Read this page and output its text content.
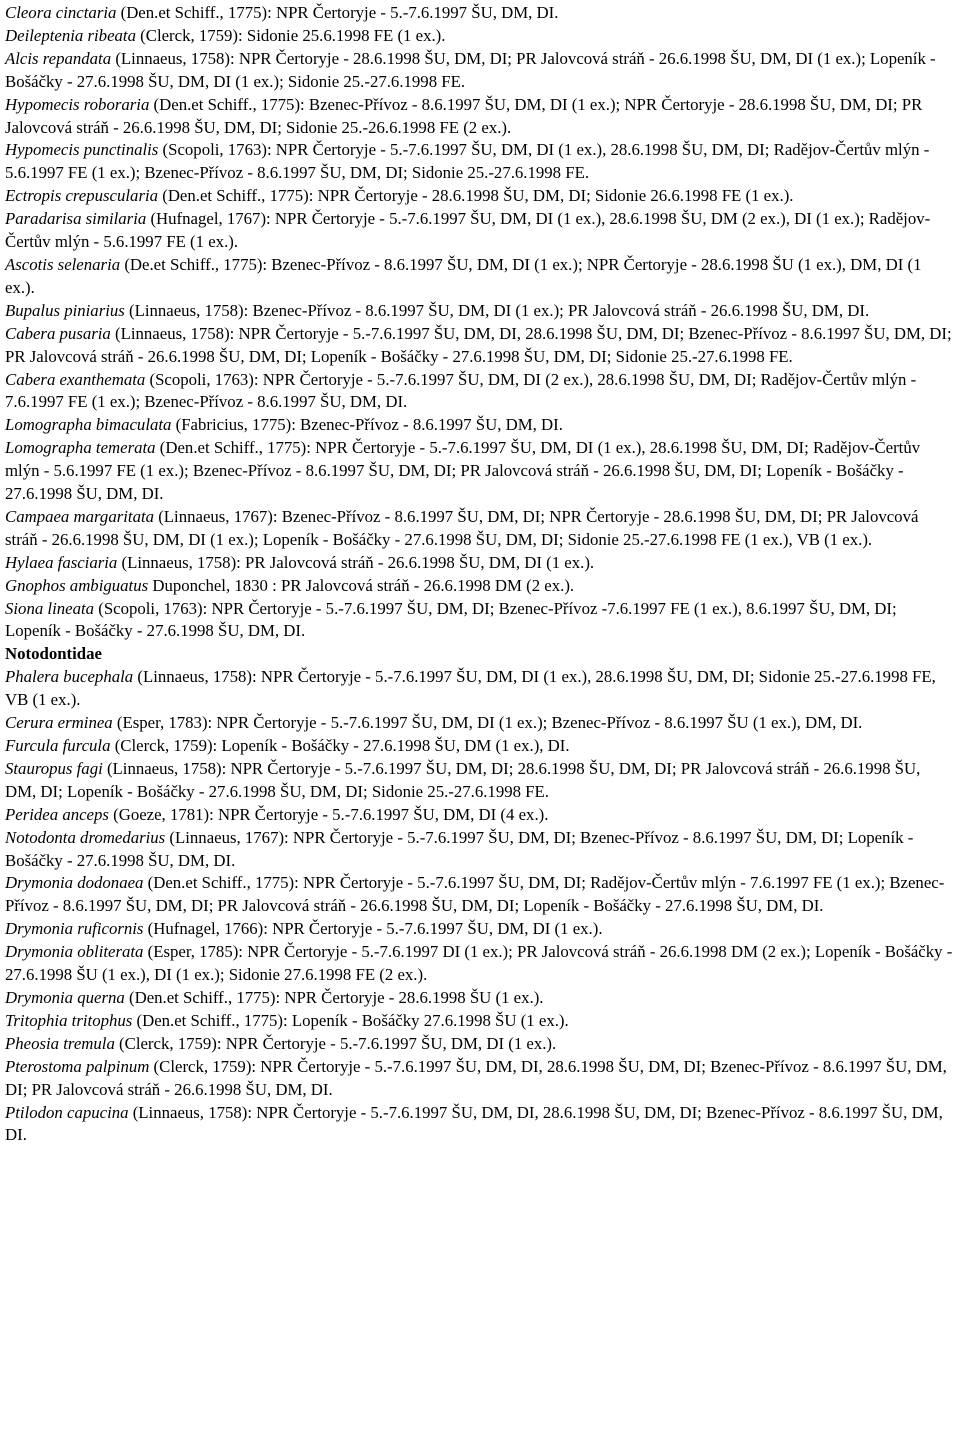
Cleora cinctaria (Den.et Schiff., 1775): NPR Čertoryje - 5.-7.6.1997 ŠU, DM, DI.
Deileptenia ribeata (Clerck, 1759): Sidonie 25.6.1998 FE (1 ex.).
Alcis repandata (Linnaeus, 1758): NPR Čertoryje - 28.6.1998 ŠU, DM, DI; PR Jalovcová stráň - 26.6.1998 ŠU, DM, DI (1 ex.); Lopeník - Bošáčky - 27.6.1998 ŠU, DM, DI (1 ex.); Sidonie 25.-27.6.1998 FE.
Hypomecis roboraria (Den.et Schiff., 1775): Bzenec-Přívoz - 8.6.1997 ŠU, DM, DI (1 ex.); NPR Čertoryje - 28.6.1998 ŠU, DM, DI; PR Jalovcová stráň - 26.6.1998 ŠU, DM, DI; Sidonie 25.-26.6.1998 FE (2 ex.).
Hypomecis punctinalis (Scopoli, 1763): NPR Čertoryje - 5.-7.6.1997 ŠU, DM, DI (1 ex.), 28.6.1998 ŠU, DM, DI; Radějov-Čertův mlýn - 5.6.1997 FE (1 ex.); Bzenec-Přívoz - 8.6.1997 ŠU, DM, DI; Sidonie 25.-27.6.1998 FE.
Ectropis crepuscularia (Den.et Schiff., 1775): NPR Čertoryje - 28.6.1998 ŠU, DM, DI; Sidonie 26.6.1998 FE (1 ex.).
Paradarisa similaria (Hufnagel, 1767): NPR Čertoryje - 5.-7.6.1997 ŠU, DM, DI (1 ex.), 28.6.1998 ŠU, DM (2 ex.), DI (1 ex.); Radějov-Čertův mlýn - 5.6.1997 FE (1 ex.).
Ascotis selenaria (De.et Schiff., 1775): Bzenec-Přívoz - 8.6.1997 ŠU, DM, DI (1 ex.); NPR Čertoryje - 28.6.1998 ŠU (1 ex.), DM, DI (1 ex.).
Bupalus piniarius (Linnaeus, 1758): Bzenec-Přívoz - 8.6.1997 ŠU, DM, DI (1 ex.); PR Jalovcová stráň - 26.6.1998 ŠU, DM, DI.
Cabera pusaria (Linnaeus, 1758): NPR Čertoryje - 5.-7.6.1997 ŠU, DM, DI, 28.6.1998 ŠU, DM, DI; Bzenec-Přívoz - 8.6.1997 ŠU, DM, DI; PR Jalovcová stráň - 26.6.1998 ŠU, DM, DI; Lopeník - Bošáčky - 27.6.1998 ŠU, DM, DI; Sidonie 25.-27.6.1998 FE.
Cabera exanthemata (Scopoli, 1763): NPR Čertoryje - 5.-7.6.1997 ŠU, DM, DI (2 ex.), 28.6.1998 ŠU, DM, DI; Radějov-Čertův mlýn - 7.6.1997 FE (1 ex.); Bzenec-Přívoz - 8.6.1997 ŠU, DM, DI.
Lomographa bimaculata (Fabricius, 1775): Bzenec-Přívoz - 8.6.1997 ŠU, DM, DI.
Lomographa temerata (Den.et Schiff., 1775): NPR Čertoryje - 5.-7.6.1997 ŠU, DM, DI (1 ex.), 28.6.1998 ŠU, DM, DI; Radějov-Čertův mlýn - 5.6.1997 FE (1 ex.); Bzenec-Přívoz - 8.6.1997 ŠU, DM, DI; PR Jalovcová stráň - 26.6.1998 ŠU, DM, DI; Lopeník - Bošáčky - 27.6.1998 ŠU, DM, DI.
Campaea margaritata (Linnaeus, 1767): Bzenec-Přívoz - 8.6.1997 ŠU, DM, DI; NPR Čertoryje - 28.6.1998 ŠU, DM, DI; PR Jalovcová stráň - 26.6.1998 ŠU, DM, DI (1 ex.); Lopeník - Bošáčky - 27.6.1998 ŠU, DM, DI; Sidonie 25.-27.6.1998 FE (1 ex.), VB (1 ex.).
Hylaea fasciaria (Linnaeus, 1758): PR Jalovcová stráň - 26.6.1998 ŠU, DM, DI (1 ex.).
Gnophos ambiguatus Duponchel, 1830 : PR Jalovcová stráň - 26.6.1998 DM (2 ex.).
Siona lineata (Scopoli, 1763): NPR Čertoryje - 5.-7.6.1997 ŠU, DM, DI; Bzenec-Přívoz -7.6.1997 FE (1 ex.), 8.6.1997 ŠU, DM, DI; Lopeník - Bošáčky - 27.6.1998 ŠU, DM, DI.
Notodontidae
Phalera bucephala (Linnaeus, 1758): NPR Čertoryje - 5.-7.6.1997 ŠU, DM, DI (1 ex.), 28.6.1998 ŠU, DM, DI; Sidonie 25.-27.6.1998 FE, VB (1 ex.).
Cerura erminea (Esper, 1783): NPR Čertoryje - 5.-7.6.1997 ŠU, DM, DI (1 ex.); Bzenec-Přívoz - 8.6.1997 ŠU (1 ex.), DM, DI.
Furcula furcula (Clerck, 1759): Lopeník - Bošáčky - 27.6.1998 ŠU, DM (1 ex.), DI.
Stauropus fagi (Linnaeus, 1758): NPR Čertoryje - 5.-7.6.1997 ŠU, DM, DI; 28.6.1998 ŠU, DM, DI; PR Jalovcová stráň - 26.6.1998 ŠU, DM, DI; Lopeník - Bošáčky - 27.6.1998 ŠU, DM, DI; Sidonie 25.-27.6.1998 FE.
Peridea anceps (Goeze, 1781): NPR Čertoryje - 5.-7.6.1997 ŠU, DM, DI (4 ex.).
Notodonta dromedarius (Linnaeus, 1767): NPR Čertoryje - 5.-7.6.1997 ŠU, DM, DI; Bzenec-Přívoz - 8.6.1997 ŠU, DM, DI; Lopeník - Bošáčky - 27.6.1998 ŠU, DM, DI.
Drymonia dodonaea (Den.et Schiff., 1775): NPR Čertoryje - 5.-7.6.1997 ŠU, DM, DI; Radějov-Čertův mlýn - 7.6.1997 FE (1 ex.); Bzenec-Přívoz - 8.6.1997 ŠU, DM, DI; PR Jalovcová stráň - 26.6.1998 ŠU, DM, DI; Lopeník - Bošáčky - 27.6.1998 ŠU, DM, DI.
Drymonia ruficornis (Hufnagel, 1766): NPR Čertoryje - 5.-7.6.1997 ŠU, DM, DI (1 ex.).
Drymonia obliterata (Esper, 1785): NPR Čertoryje - 5.-7.6.1997 DI (1 ex.); PR Jalovcová stráň - 26.6.1998 DM (2 ex.); Lopeník - Bošáčky - 27.6.1998 ŠU (1 ex.), DI (1 ex.); Sidonie 27.6.1998 FE (2 ex.).
Drymonia querna (Den.et Schiff., 1775): NPR Čertoryje - 28.6.1998 ŠU (1 ex.).
Tritophia tritophus (Den.et Schiff., 1775): Lopeník - Bošáčky 27.6.1998 ŠU (1 ex.).
Pheosia tremula (Clerck, 1759): NPR Čertoryje - 5.-7.6.1997 ŠU, DM, DI (1 ex.).
Pterostoma palpinum (Clerck, 1759): NPR Čertoryje - 5.-7.6.1997 ŠU, DM, DI, 28.6.1998 ŠU, DM, DI; Bzenec-Přívoz - 8.6.1997 ŠU, DM, DI; PR Jalovcová stráň - 26.6.1998 ŠU, DM, DI.
Ptilodon capucina (Linnaeus, 1758): NPR Čertoryje - 5.-7.6.1997 ŠU, DM, DI, 28.6.1998 ŠU, DM, DI; Bzenec-Přívoz - 8.6.1997 ŠU, DM, DI.
